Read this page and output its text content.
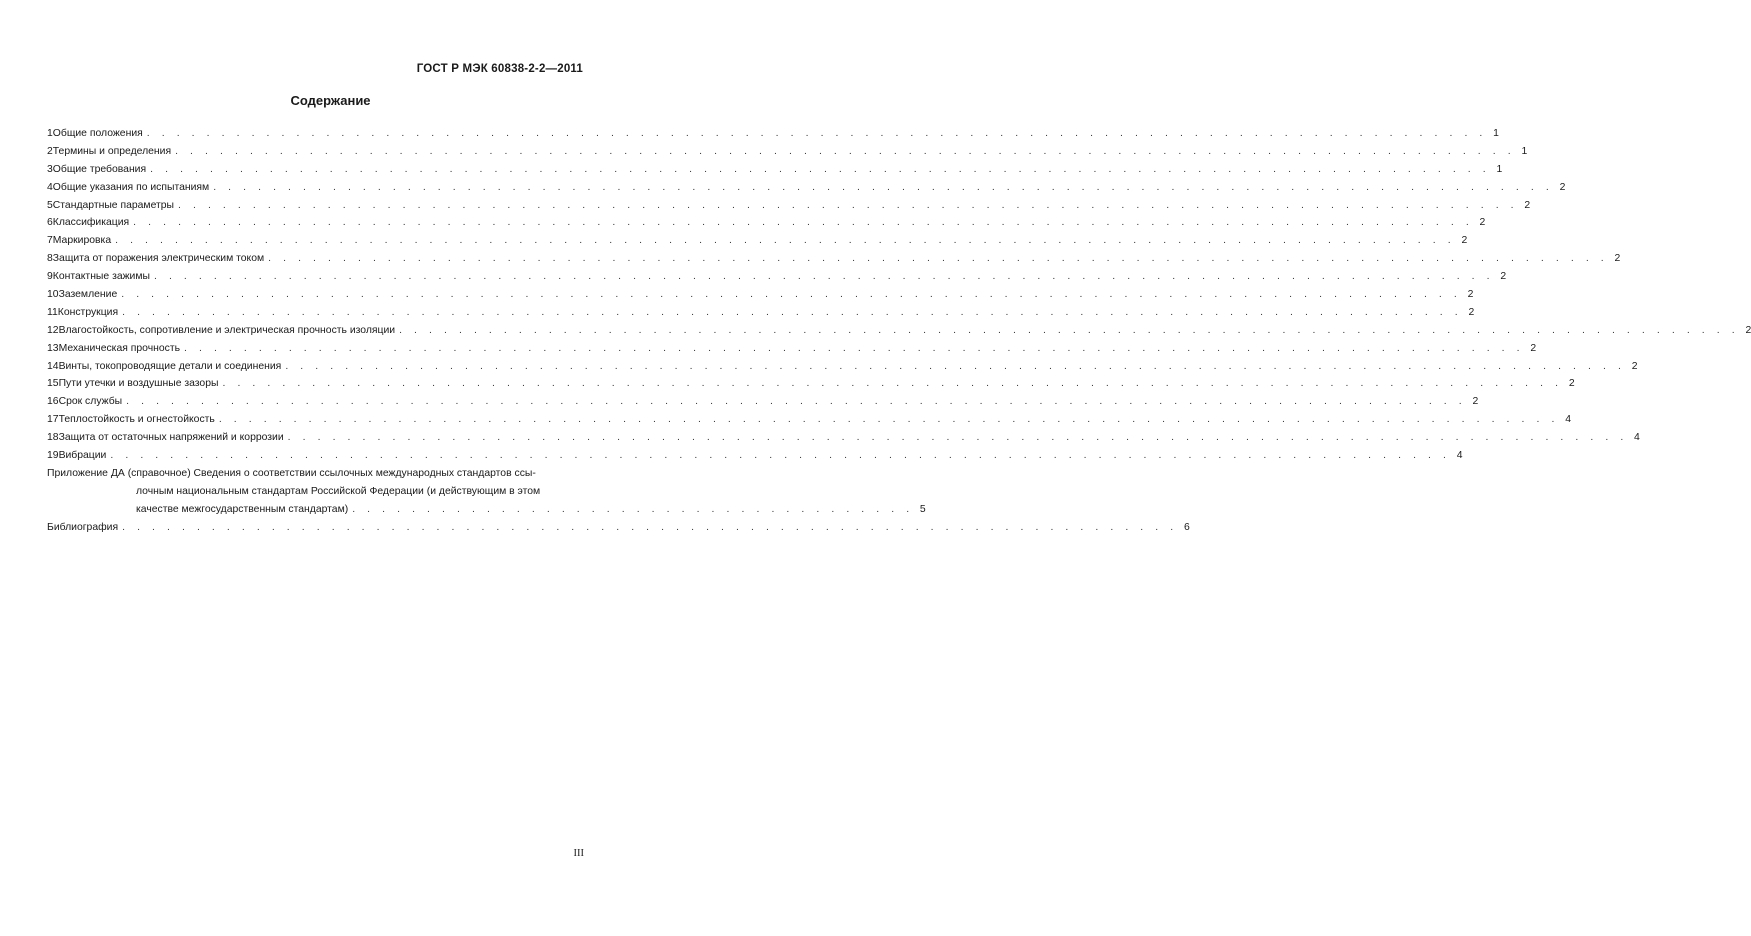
ГОСТ Р МЭК 60838-2-2—2011
Содержание
1 Общие положения . . . . . . . . . . . . . . . . . . . . . . . . . . . . . . . . . . . . . . . . . . . . . . . . . . . . . . . . . . . . . . . . . . . . . . . . . . . . . . . . . . . . . . . . . . 1
2 Термины и определения . . . . . . . . . . . . . . . . . . . . . . . . . . . . . . . . . . . . . . . . . . . . . . . . . . . . . . . . . . . . . . . . . . . . . . . . . . . . . . . . . . . . . . . . . . 1
3 Общие требования . . . . . . . . . . . . . . . . . . . . . . . . . . . . . . . . . . . . . . . . . . . . . . . . . . . . . . . . . . . . . . . . . . . . . . . . . . . . . . . . . . . . . . . . . . 1
4 Общие указания по испытаниям . . . . . . . . . . . . . . . . . . . . . . . . . . . . . . . . . . . . . . . . . . . . . . . . . . . . . . . . . . . . . . . . . . . . . . . . . . . . . . . . . . . . . . . . . . 2
5 Стандартные параметры . . . . . . . . . . . . . . . . . . . . . . . . . . . . . . . . . . . . . . . . . . . . . . . . . . . . . . . . . . . . . . . . . . . . . . . . . . . . . . . . . . . . . . . . . . 2
6 Классификация . . . . . . . . . . . . . . . . . . . . . . . . . . . . . . . . . . . . . . . . . . . . . . . . . . . . . . . . . . . . . . . . . . . . . . . . . . . . . . . . . . . . . . . . . . 2
7 Маркировка . . . . . . . . . . . . . . . . . . . . . . . . . . . . . . . . . . . . . . . . . . . . . . . . . . . . . . . . . . . . . . . . . . . . . . . . . . . . . . . . . . . . . . . . . . 2
8 Защита от поражения электрическим током . . . . . . . . . . . . . . . . . . . . . . . . . . . . . . . . . . . . . . . . . . . . . . . . . . . . . . . . . . . . . . . . . . . . . . . . . . . . . . . . . . . . . . . . . . 2
9 Контактные зажимы . . . . . . . . . . . . . . . . . . . . . . . . . . . . . . . . . . . . . . . . . . . . . . . . . . . . . . . . . . . . . . . . . . . . . . . . . . . . . . . . . . . . . . . . . . 2
10 Заземление . . . . . . . . . . . . . . . . . . . . . . . . . . . . . . . . . . . . . . . . . . . . . . . . . . . . . . . . . . . . . . . . . . . . . . . . . . . . . . . . . . . . . . . . . . 2
11 Конструкция . . . . . . . . . . . . . . . . . . . . . . . . . . . . . . . . . . . . . . . . . . . . . . . . . . . . . . . . . . . . . . . . . . . . . . . . . . . . . . . . . . . . . . . . . . 2
12 Влагостойкость, сопротивление и электрическая прочность изоляции . . . . . . . . . . . . . . . . . . . . . . . . . . . . . . . . . . . . . . . . . . . . . . . . . . . . . . . . . . . . . . . . . . . . . . . . . . . . . . . . . . . . . . . . . . 2
13 Механическая прочность . . . . . . . . . . . . . . . . . . . . . . . . . . . . . . . . . . . . . . . . . . . . . . . . . . . . . . . . . . . . . . . . . . . . . . . . . . . . . . . . . . . . . . . . . . 2
14 Винты, токопроводящие детали и соединения . . . . . . . . . . . . . . . . . . . . . . . . . . . . . . . . . . . . . . . . . . . . . . . . . . . . . . . . . . . . . . . . . . . . . . . . . . . . . . . . . . . . . . . . . . 2
15 Пути утечки и воздушные зазоры . . . . . . . . . . . . . . . . . . . . . . . . . . . . . . . . . . . . . . . . . . . . . . . . . . . . . . . . . . . . . . . . . . . . . . . . . . . . . . . . . . . . . . . . . . 2
16 Срок службы . . . . . . . . . . . . . . . . . . . . . . . . . . . . . . . . . . . . . . . . . . . . . . . . . . . . . . . . . . . . . . . . . . . . . . . . . . . . . . . . . . . . . . . . . . 2
17 Теплостойкость и огнестойкость . . . . . . . . . . . . . . . . . . . . . . . . . . . . . . . . . . . . . . . . . . . . . . . . . . . . . . . . . . . . . . . . . . . . . . . . . . . . . . . . . . . . . . . . . . 4
18 Защита от остаточных напряжений и коррозии . . . . . . . . . . . . . . . . . . . . . . . . . . . . . . . . . . . . . . . . . . . . . . . . . . . . . . . . . . . . . . . . . . . . . . . . . . . . . . . . . . . . . . . . . . 4
19 Вибрации . . . . . . . . . . . . . . . . . . . . . . . . . . . . . . . . . . . . . . . . . . . . . . . . . . . . . . . . . . . . . . . . . . . . . . . . . . . . . . . . . . . . . . . . . . 4
Приложение
ДА (справочное) Сведения о соответствии ссылочных международных стандартов ссы-
лочным национальным стандартам Российской Федерации (и действующим в этом
качестве межгосударственным стандартам) . . . . . . . . . . . . . . . . . . . . . . . . . . . . . . . . . . . . . . 5
Библиография . . . . . . . . . . . . . . . . . . . . . . . . . . . . . . . . . . . . . . . . . . . . . . . . . . . . . . . . . . . . . . . . . . . . . . . 6
III
